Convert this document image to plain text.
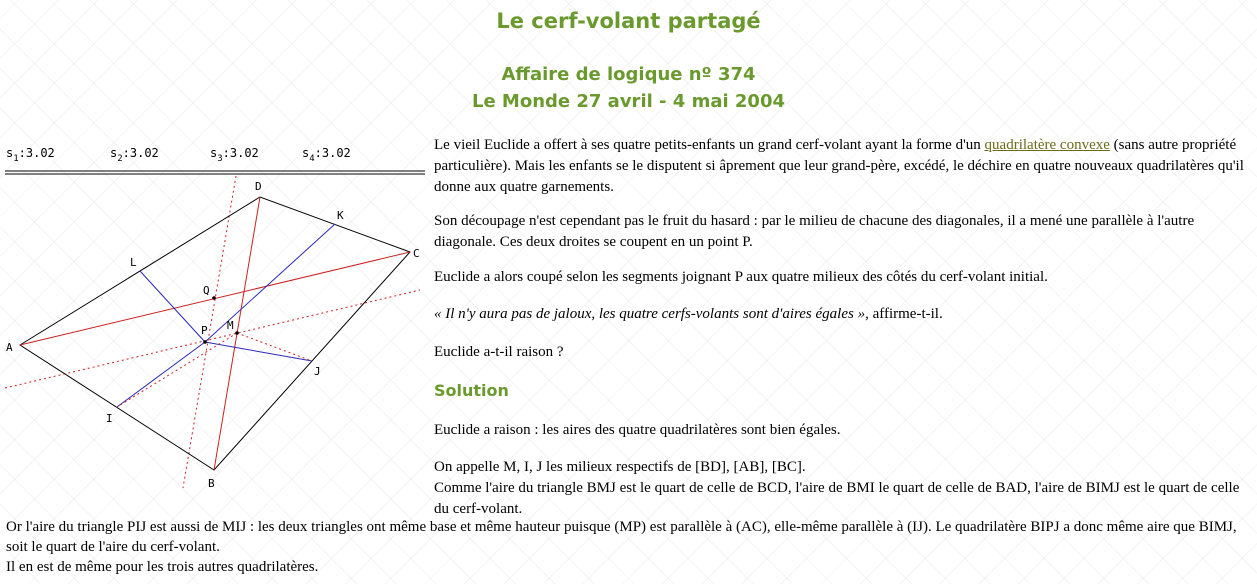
Le cerf-volant partagé
Affaire de logique nº 374
Le Monde 27 avril - 4 mai 2004
$s_1:3.02$	$s_2:3.02$	$s_3:3.02$	$s_4:3.02$
A
B
C
D
I
J
K
L
M
P
Q
Le vieil Euclide a offert à ses quatre petits-enfants un grand cerf-volant ayant la forme d'un quadrilatère convexe (sans autre propriété particulière). Mais les enfants se le disputent si âprement que leur grand-père, excédé, le déchire en quatre nouveaux quadrilatères qu'il donne aux quatre garnements.
Son découpage n'est cependant pas le fruit du hasard : par le milieu de chacune des diagonales, il a mené une parallèle à l'autre diagonale. Ces deux droites se coupent en un point P.
Euclide a alors coupé selon les segments joignant P aux quatre milieux des côtés du cerf-volant initial.
« Il n'y aura pas de jaloux, les quatre cerfs-volants sont d'aires égales », affirme-t-il.
Euclide a-t-il raison ?
Solution
Euclide a raison : les aires des quatre quadrilatères sont bien égales.
On appelle M, I, J les milieux respectifs de [BD], [AB], [BC].
Comme l'aire du triangle BMJ est le quart de celle de BCD, l'aire de BMI le quart de celle de BAD, l'aire de BIMJ est le quart de celle du cerf-volant.
Or l'aire du triangle PIJ est aussi de MIJ : les deux triangles ont même base et même hauteur puisque (MP) est parallèle à (AC), elle-même parallèle à (IJ). Le quadrilatère BIPJ a donc même aire que BIMJ, soit le quart de l'aire du cerf-volant.
Il en est de même pour les trois autres quadrilatères.
